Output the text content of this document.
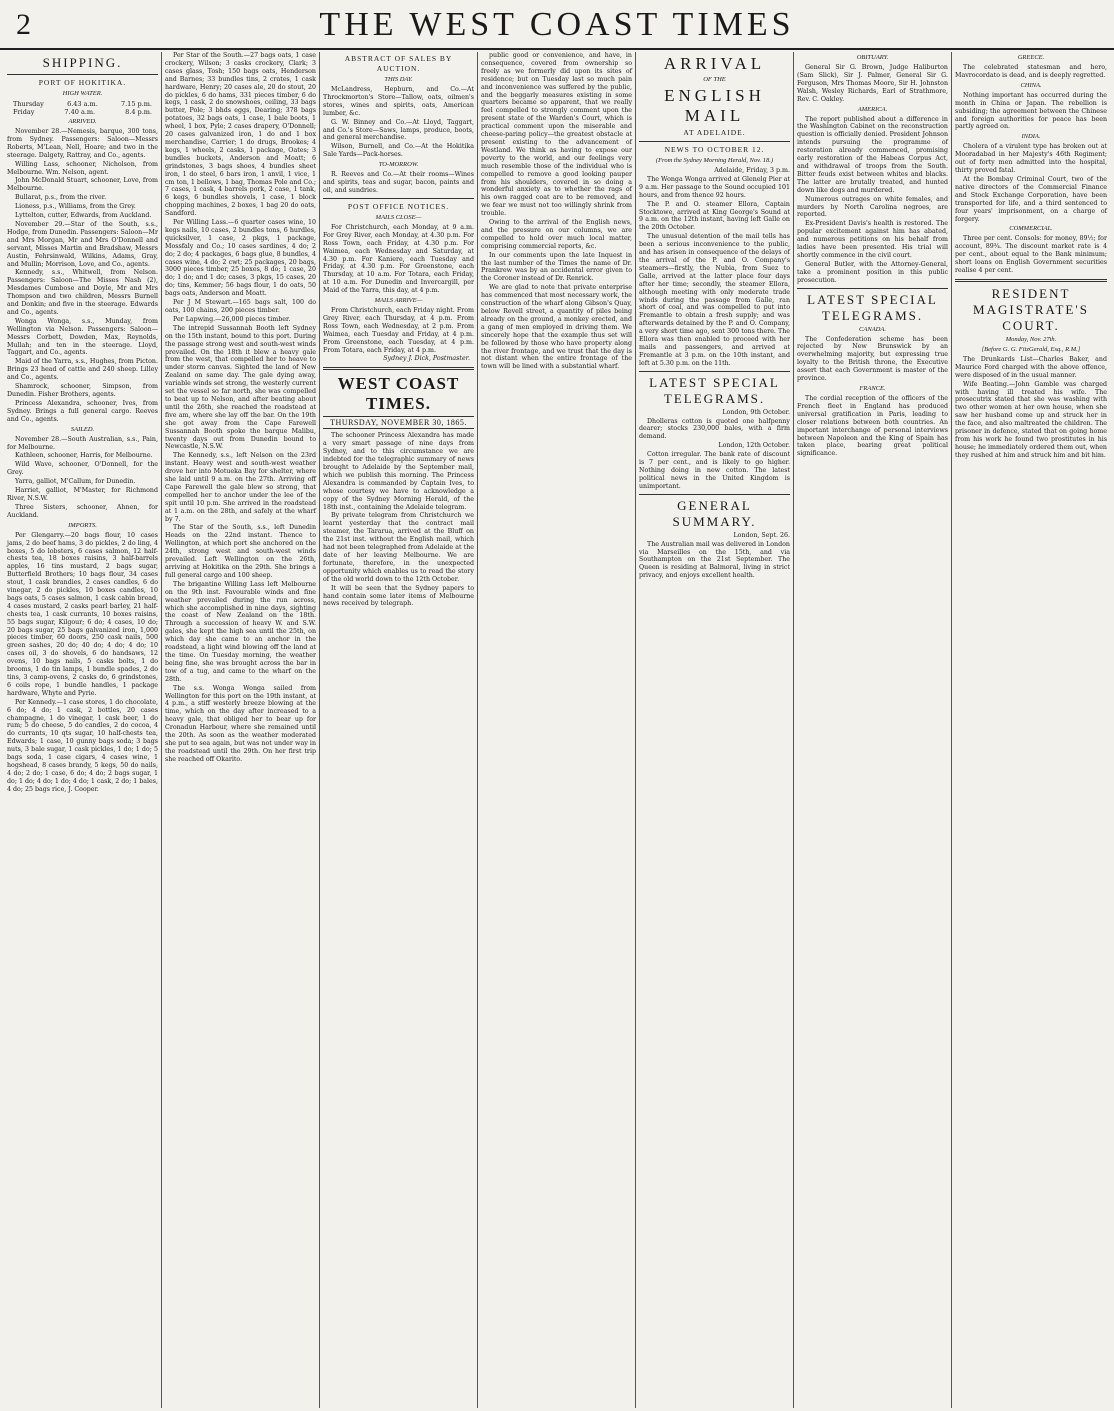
2	THE WEST COAST TIMES
SHIPPING.
PORT OF HOKITIKA.
HIGH WATER.
Thursday	6.43 a.m.	7.15 p.m.
Friday	7.40 a.m.	8.4 p.m.
ARRIVED.

November 28.—Nemesis, barque, 300 tons, from Sydney. Passengers: Saloon—Messrs Roberts, M'Lean, Nell, Hoare; and two in the steerage. Dalgety, Rattray, and Co., agents.

Willing Lass, schooner, Nicholson, from Melbourne. Wm. Nelson, agent.

John McDonald Stuart, schooner, Love, from Melbourne.

Bullarat, p.s., from the river.

Lioness, p.s., Williams, from the Grey.

Lyttelton, cutter, Edwards, from Auckland.

November 29.—Star of the South, s.s., Hodge, from Dunedin. Passengers: Saloon—Mr and Mrs Morgan, Mr and Mrs O'Donnell and servant, Misses Martin and Bradshaw, Messrs Austin, Fehrsinwald, Wilkins, Adams, Gray, and Mullin; Morrison, Love, and Co., agents.

Kennedy, s.s., Whitwell, from Nelson. Passengers: Saloon—The Misses Nash (2), Mesdames Cumbose and Doyle, Mr and Mrs Thompson and two children, Messrs Burnell and Donkin; and five in the steerage. Edwards and Co., agents.

Wonga Wonga, s.s., Munday, from Wellington via Nelson. Passengers: Saloon—Messrs Corbett, Dowden, Max, Reynolds, Mullah; and ten in the steerage. Lloyd, Taggart, and Co., agents.

Maid of the Yarra, s.s., Hughes, from Picton. Brings 23 head of cattle and 240 sheep. Lilley and Co., agents.

Shamrock, schooner, Simpson, from Dunedin. Fisher Brothers, agents.

Princess Alexandra, schooner, Ives, from Sydney. Brings a full general cargo. Reeves and Co., agents.

SAILED.

November 28.—South Australian, s.s., Pain, for Melbourne.

Kathleen, schooner, Harris, for Melbourne.

Wild Wave, schooner, O'Donnell, for the Grey.

Yarra, galliot, M'Callum, for Dunedin.

Harriet, galliot, M'Master, for Richmond River, N.S.W.

Three Sisters, schooner, Ahnen, for Auckland.

IMPORTS.

Per Glengarry.—20 bags flour, 10 cases jams, 2 do beef hams, 3 do pickles, 2 do ling, 4 boxes, 5 do lobsters, 6 cases salmon, 12 half-chests tea, 18 boxes raisins, 3 half-barrels apples, 16 tins mustard, 2 bags sugar, Butterfield Brothers; 10 bags flour, 34 cases stout, 1 cask brandies, 2 cases candles, 6 do vinegar, 2 do pickles, 10 boxes candles, 10 bags oats, 5 cases salmon, 1 cask cabin bread, 4 cases mustard, 2 casks pearl barley, 21 half-chests tea, 1 cask currants, 10 boxes raisins, 55 bags sugar, Kilgour; 6 do; 4 cases, 10 do; 20 bags sugar, 25 bags galvanized iron, 1,000 pieces timber, 60 doors, 250 cask nails, 500 green sashes, 20 do; 40 do; 4 do; 4 do; 10 cases oil, 3 do shovels, 6 do handsaws, 12 ovens, 10 bags nails, 5 casks bolts, 1 do brooms, 1 do tin lamps, 1 bundle spades, 2 do tins, 3 camp-ovens, 2 casks do, 6 grindstones, 6 coils rope, 1 bundle handles, 1 package hardware, Whyte and Pyrie.

Per Kennedy.—1 case stores, 1 do chocolate, 6 do; 4 do; 1 cask, 2 bottles, 20 cases champagne, 1 do vinegar, 1 cask beer, 1 do rum; 5 do cheese, 5 do candles, 2 do cocoa, 4 do currants, 10 qts sugar, 10 half-chests tea, Edwards; 1 case, 10 gunny bags soda; 3 bags nuts, 3 bale sugar, 1 cask pickles, 1 do; 1 do; 5 bags soda, 1 case cigars, 4 cases wine, 1 hogshead, 8 cases brandy, 5 kegs, 50 do nails, 4 do; 2 do; 1 case, 6 do; 4 do; 2 bags sugar, 1 do; 1 do; 4 do; 1 do; 4 do; 1 cask, 2 do; 1 bales, 4 do; 25 bags rice, J. Cooper.

Per Star of the South.—27 bags oats, 1 case crockery, Wilson; 3 casks crockery, Clark; 3 cases glass, Tosh; 150 bags oats, Henderson and Barnes; 33 bundles tins, 2 crates, 1 cask hardware, Henry; 20 cases ale, 20 do stout, 20 do pickles, 6 do hams, 331 pieces timber, 6 do kegs, 1 cask, 2 do snowshoes, ceiling, 33 bags butter, Pole; 3 bhds eggs, Dearing; 378 bags potatoes, 32 bags oats, 1 case, 1 bale boots, 1 wheel, 1 box, Pyle; 2 cases drapery, O'Donnell; 20 cases galvanized iron, 1 do and 1 box merchandise, Carrier; 1 do drugs, Brookes; 4 kegs, 1 wheels, 2 casks, 1 package, Oates; 3 bundles buckets, Anderson and Moatt; 6 grindstones, 3 bags shoes, 4 bundles sheet iron, 1 do steel, 6 bars iron, 1 anvil, 1 vice, 1 cm ton, 1 bellows, 1 bag, Thomas Pole and Co.; 7 cases, 1 cask, 4 barrels pork, 2 case, 1 tank, 6 kegs, 6 bundles shovels, 1 case, 1 block chopping machines, 2 boxes, 1 bag 20 do oats, Sandford.

Per Willing Lass.—6 quarter cases wine, 10 kegs nails, 10 cases, 2 bundles tons, 6 hurdles, quicksilver, 1 case, 2 pkgs, 1 package, Mossfaly and Co.; 10 cases sardines, 4 do; 2 do; 2 do; 4 packages, 6 bags glue, 8 bundles, 4 cases wine, 4 do; 2 cwt; 25 packages, 20 bags, 3000 pieces timber, 25 boxes, 8 do; 1 case, 20 do; 1 do; and 1 do; cases, 3 pkgs, 15 cases, 20 do; tins, Kemmer; 56 bags flour, 1 do oats, 50 bags oats, Anderson and Moatt.

Per J M Stewart.—165 bags salt, 100 do oats, 100 chains, 200 pieces timber.

Per Lapwing.—26,000 pieces timber.

The intrepid Sussannah Booth left Sydney on the 15th instant, bound to this port. During the passage strong west and south-west winds prevailed. On the 18th it blew a heavy gale from the west, that compelled her to heave to under storm canvas. Sighted the land of New Zealand on same day. The gale dying away, variable winds set strong, the westerly current set the vessel so far north, she was compelled to beat up to Nelson, and after beating about until the 26th, she reached the roadstead at five am, where she lay off the bar. On the 19th she got away from the Cape Farewell Sussannah Booth spoke the barque Malibu, twenty days out from Dunedin bound to Newcastle, N.S.W.

The Kennedy, s.s., left Nelson on the 23rd instant. Heavy west and south-west weather drove her into Motueka Bay for shelter, where she laid until 9 a.m. on the 27th. Arriving off Cape Farewell the gale blew so strong, that compelled her to anchor under the lee of the spit until 10 p.m. She arrived in the roadstead at 1 a.m. on the 28th, and safely at the wharf by 7.

The Star of the South, s.s., left Dunedin Heads on the 22nd instant. Thence to Wellington, at which port she anchored on the 24th, strong west and south-west winds prevailed. Left Wellington on the 26th, arriving at Hokitika on the 29th. She brings a full general cargo and 100 sheep.

The brigantine Willing Lass left Melbourne on the 9th inst. Favourable winds and fine weather prevailed during the run across, which she accomplished in nine days, sighting the coast of New Zealand on the 18th. Through a succession of heavy W. and S.W. gales, she kept the high sea until the 25th, on which day she came to an anchor in the roadstead, a light wind blowing off the land at the time. On Tuesday morning, the weather being fine, she was brought across the bar in tow of a tug, and came to the wharf on the 28th.

The s.s. Wonga Wonga sailed from Wellington for this port on the 19th instant, at 4 p.m., a stiff westerly breeze blowing at the time, which on the day after increased to a heavy gale, that obliged her to bear up for Cronadun Harbour, where she remained until the 20th. As soon as the weather moderated she put to sea again, but was not under way in the roadstead until the 29th. On her first trip she reached off Okarito.

ABSTRACT OF SALES BY AUCTION.
THIS DAY.

McLandress, Hepburn, and Co.—At Throckmorton's Store—Tallow, oats, oilmen's stores, wines and spirits, oats, American lumber, &c.

G. W. Binney and Co.—At Lloyd, Taggart, and Co.'s Store—Saws, lamps, produce, boots, and general merchandise.

Wilson, Burnell, and Co.—At the Hokitika Sale Yards—Pack-horses.

TO-MORROW.

R. Reeves and Co.—At their rooms—Wines and spirits, teas and sugar, bacon, paints and oil, and sundries.

POST OFFICE NOTICES.
MAILS CLOSE—

For Christchurch, each Monday, at 9 a.m. For Grey River, each Monday, at 4.30 p.m. For Ross Town, each Friday, at 4.30 p.m. For Waimea, each Wednesday and Saturday, at 4.30 p.m. For Kaniere, each Tuesday and Friday, at 4.30 p.m. For Greenstone, each Thursday, at 10 a.m. For Totara, each Friday, at 10 a.m. For Dunedin and Invercargill, per Maid of the Yarra, this day, at 4 p.m.

MAILS ARRIVE—

From Christchurch, each Friday night. From Grey River, each Thursday, at 4 p.m. From Ross Town, each Wednesday, at 2 p.m. From Waimea, each Tuesday and Friday, at 4 p.m. From Greenstone, each Tuesday, at 4 p.m. From Totara, each Friday, at 4 p.m.

Sydney J. Dick, Postmaster.
WEST COAST TIMES.
THURSDAY, NOVEMBER 30, 1865.

The schooner Princess Alexandra has made a very smart passage of nine days from Sydney, and to this circumstance we are indebted for the telegraphic summary of news brought to Adelaide by the September mail, which we publish this morning. The Princess Alexandra is commanded by Captain Ives, to whose courtesy we have to acknowledge a copy of the Sydney Morning Herald, of the 18th inst., containing the Adelaide telegram.

By private telegram from Christchurch we learnt yesterday that the contract mail steamer, the Tararua, arrived at the Bluff on the 21st inst. without the English mail, which had not been telegraphed from Adelaide at the date of her leaving Melbourne. We are fortunate, therefore, in the unexpected opportunity which enables us to read the story of the old world down to the 12th October.

It will be seen that the Sydney papers to hand contain some later items of Melbourne news received by telegraph.

public good or convenience, and have, in consequence, covered from ownership so freely as we formerly did upon its sites of residence; but on Tuesday last so much pain and inconvenience was suffered by the public, and the beggarly measures existing in some quarters became so apparent, that we really feel compelled to strongly comment upon the present state of the Warden's Court, which is practical comment upon the miserable and cheese-paring policy—the greatest obstacle at present existing to the advancement of Westland. We think as having to expose our poverty to the world, and our feelings very much resemble those of the individual who is compelled to remove a good looking pauper from his shoulders, covered in so doing a wonderful anxiety as to whether the rags of his own ragged coat are to be removed, and we fear we must not too willingly shrink from trouble.

Owing to the arrival of the English news, and the pressure on our columns, we are compelled to hold over much local matter, comprising commercial reports, &c.

In our comments upon the late Inquest in the last number of the Times the name of Dr. Prankrew was by an accidental error given to the Coroner instead of Dr. Renrick.

We are glad to note that private enterprise has commenced that most necessary work, the construction of the wharf along Gibson's Quay, below Revell street, a quantity of piles being already on the ground, a monkey erected, and a gang of men employed in driving them. We sincerely hope that the example thus set will be followed by those who have property along the river frontage, and we trust that the day is not distant when the entire frontage of the town will be lined with a substantial wharf.

ARRIVAL
OF THE
ENGLISH MAIL
AT ADELAIDE.
NEWS TO OCTOBER 12.
(From the Sydney Morning Herald, Nov. 18.)

Adelaide, Friday, 3 p.m.

The Wonga Wonga arrived at Glenelg Pier at 9 a.m. Her passage to the Sound occupied 101 hours, and from thence 92 hours.

The P. and O. steamer Ellora, Captain Stocktowe, arrived at King George's Sound at 9 a.m. on the 12th instant, having left Galle on the 20th October.

The unusual detention of the mail tells has been a serious inconvenience to the public, and has arisen in consequence of the delays of the arrival of the P. and O. Company's steamers—firstly, the Nubia, from Suez to Galle, arrived at the latter place four days after her time; secondly, the steamer Ellora, although meeting with only moderate trade winds during the passage from Galle, ran short of coal, and was compelled to put into Fremantle to obtain a fresh supply; and was afterwards detained by the P. and O. Company, a very short time ago, sent 300 tons there. The Ellora was then enabled to proceed with her mails and passengers, and arrived at Fremantle at 3 p.m. on the 10th instant, and left at 5.30 p.m. on the 11th.

LATEST SPECIAL TELEGRAMS.

London, 9th October.

Dholleras cotton is quoted one halfpenny dearer; stocks 230,000 bales, with a firm demand.

London, 12th October.

Cotton irregular. The bank rate of discount is 7 per cent., and is likely to go higher. Nothing doing in new cotton. The latest political news in the United Kingdom is unimportant.

GENERAL SUMMARY.

London, Sept. 26.

The Australian mail was delivered in London via Marseilles on the 15th, and via Southampton on the 21st September. The Queen is residing at Balmoral, living in strict privacy, and enjoys excellent health.

OBITUARY.

General Sir G. Brown, Judge Haliburton (Sam Slick), Sir J. Palmer, General Sir G. Ferguson, Mrs Thomas Moore, Sir H. Johnston Walsh, Wesley Richards, Earl of Strathmore, Rev. C. Oakley.

AMERICA.

The report published about a difference in the Washington Cabinet on the reconstruction question is officially denied. President Johnson intends pursuing the programme of restoration already commenced, promising early restoration of the Habeas Corpus Act, and withdrawal of troops from the South. Bitter feuds exist between whites and blacks. The latter are brutally treated, and hunted down like dogs and murdered.

Numerous outrages on white females, and murders by North Carolina negroes, are reported.

Ex-President Davis's health is restored. The popular excitement against him has abated, and numerous petitions on his behalf from ladies have been presented. His trial will shortly commence in the civil court.

General Butler, with the Attorney-General, take a prominent position in this public prosecution.

LATEST SPECIAL TELEGRAMS.
CANADA.

The Confederation scheme has been rejected by New Brunswick by an overwhelming majority, but expressing true loyalty to the British throne, the Executive assert that each Government is master of the province.

FRANCE.

The cordial reception of the officers of the French fleet in England has produced universal gratification in Paris, leading to closer relations between both countries. An important interchange of personal interviews between Napoleon and the King of Spain has taken place, bearing great political significance.

GREECE.

The celebrated statesman and hero, Mavrocordato is dead, and is deeply regretted.

CHINA.

Nothing important has occurred during the month in China or Japan. The rebellion is subsiding; the agreement between the Chinese and foreign authorities for peace has been partly agreed on.

INDIA.

Cholera of a virulent type has broken out at Mooradabad in her Majesty's 46th Regiment; out of forty men admitted into the hospital, thirty proved fatal.

At the Bombay Criminal Court, two of the native directors of the Commercial Finance and Stock Exchange Corporation, have been transported for life, and a third sentenced to four years' imprisonment, on a charge of forgery.

COMMERCIAL.

Three per cent. Consols: for money, 89½; for account, 89¾. The discount market rate is 4 per cent., about equal to the Bank minimum; short loans on English Government securities realise 4 per cent.

RESIDENT MAGISTRATE'S COURT.
Monday, Nov. 27th.
[Before G. G. FitzGerald, Esq., R.M.]

The Drunkards List—Charles Baker, and Maurice Ford charged with the above offence, were disposed of in the usual manner.

Wife Beating.—John Gamble was charged with having ill treated his wife. The prosecutrix stated that she was washing with two other women at her own house, when she saw her husband come up and struck her in the face, and also maltreated the children. The prisoner in defence, stated that on going home from his work he found two prostitutes in his house; he immediately ordered them out, when they rushed at him and struck him and bit him.
